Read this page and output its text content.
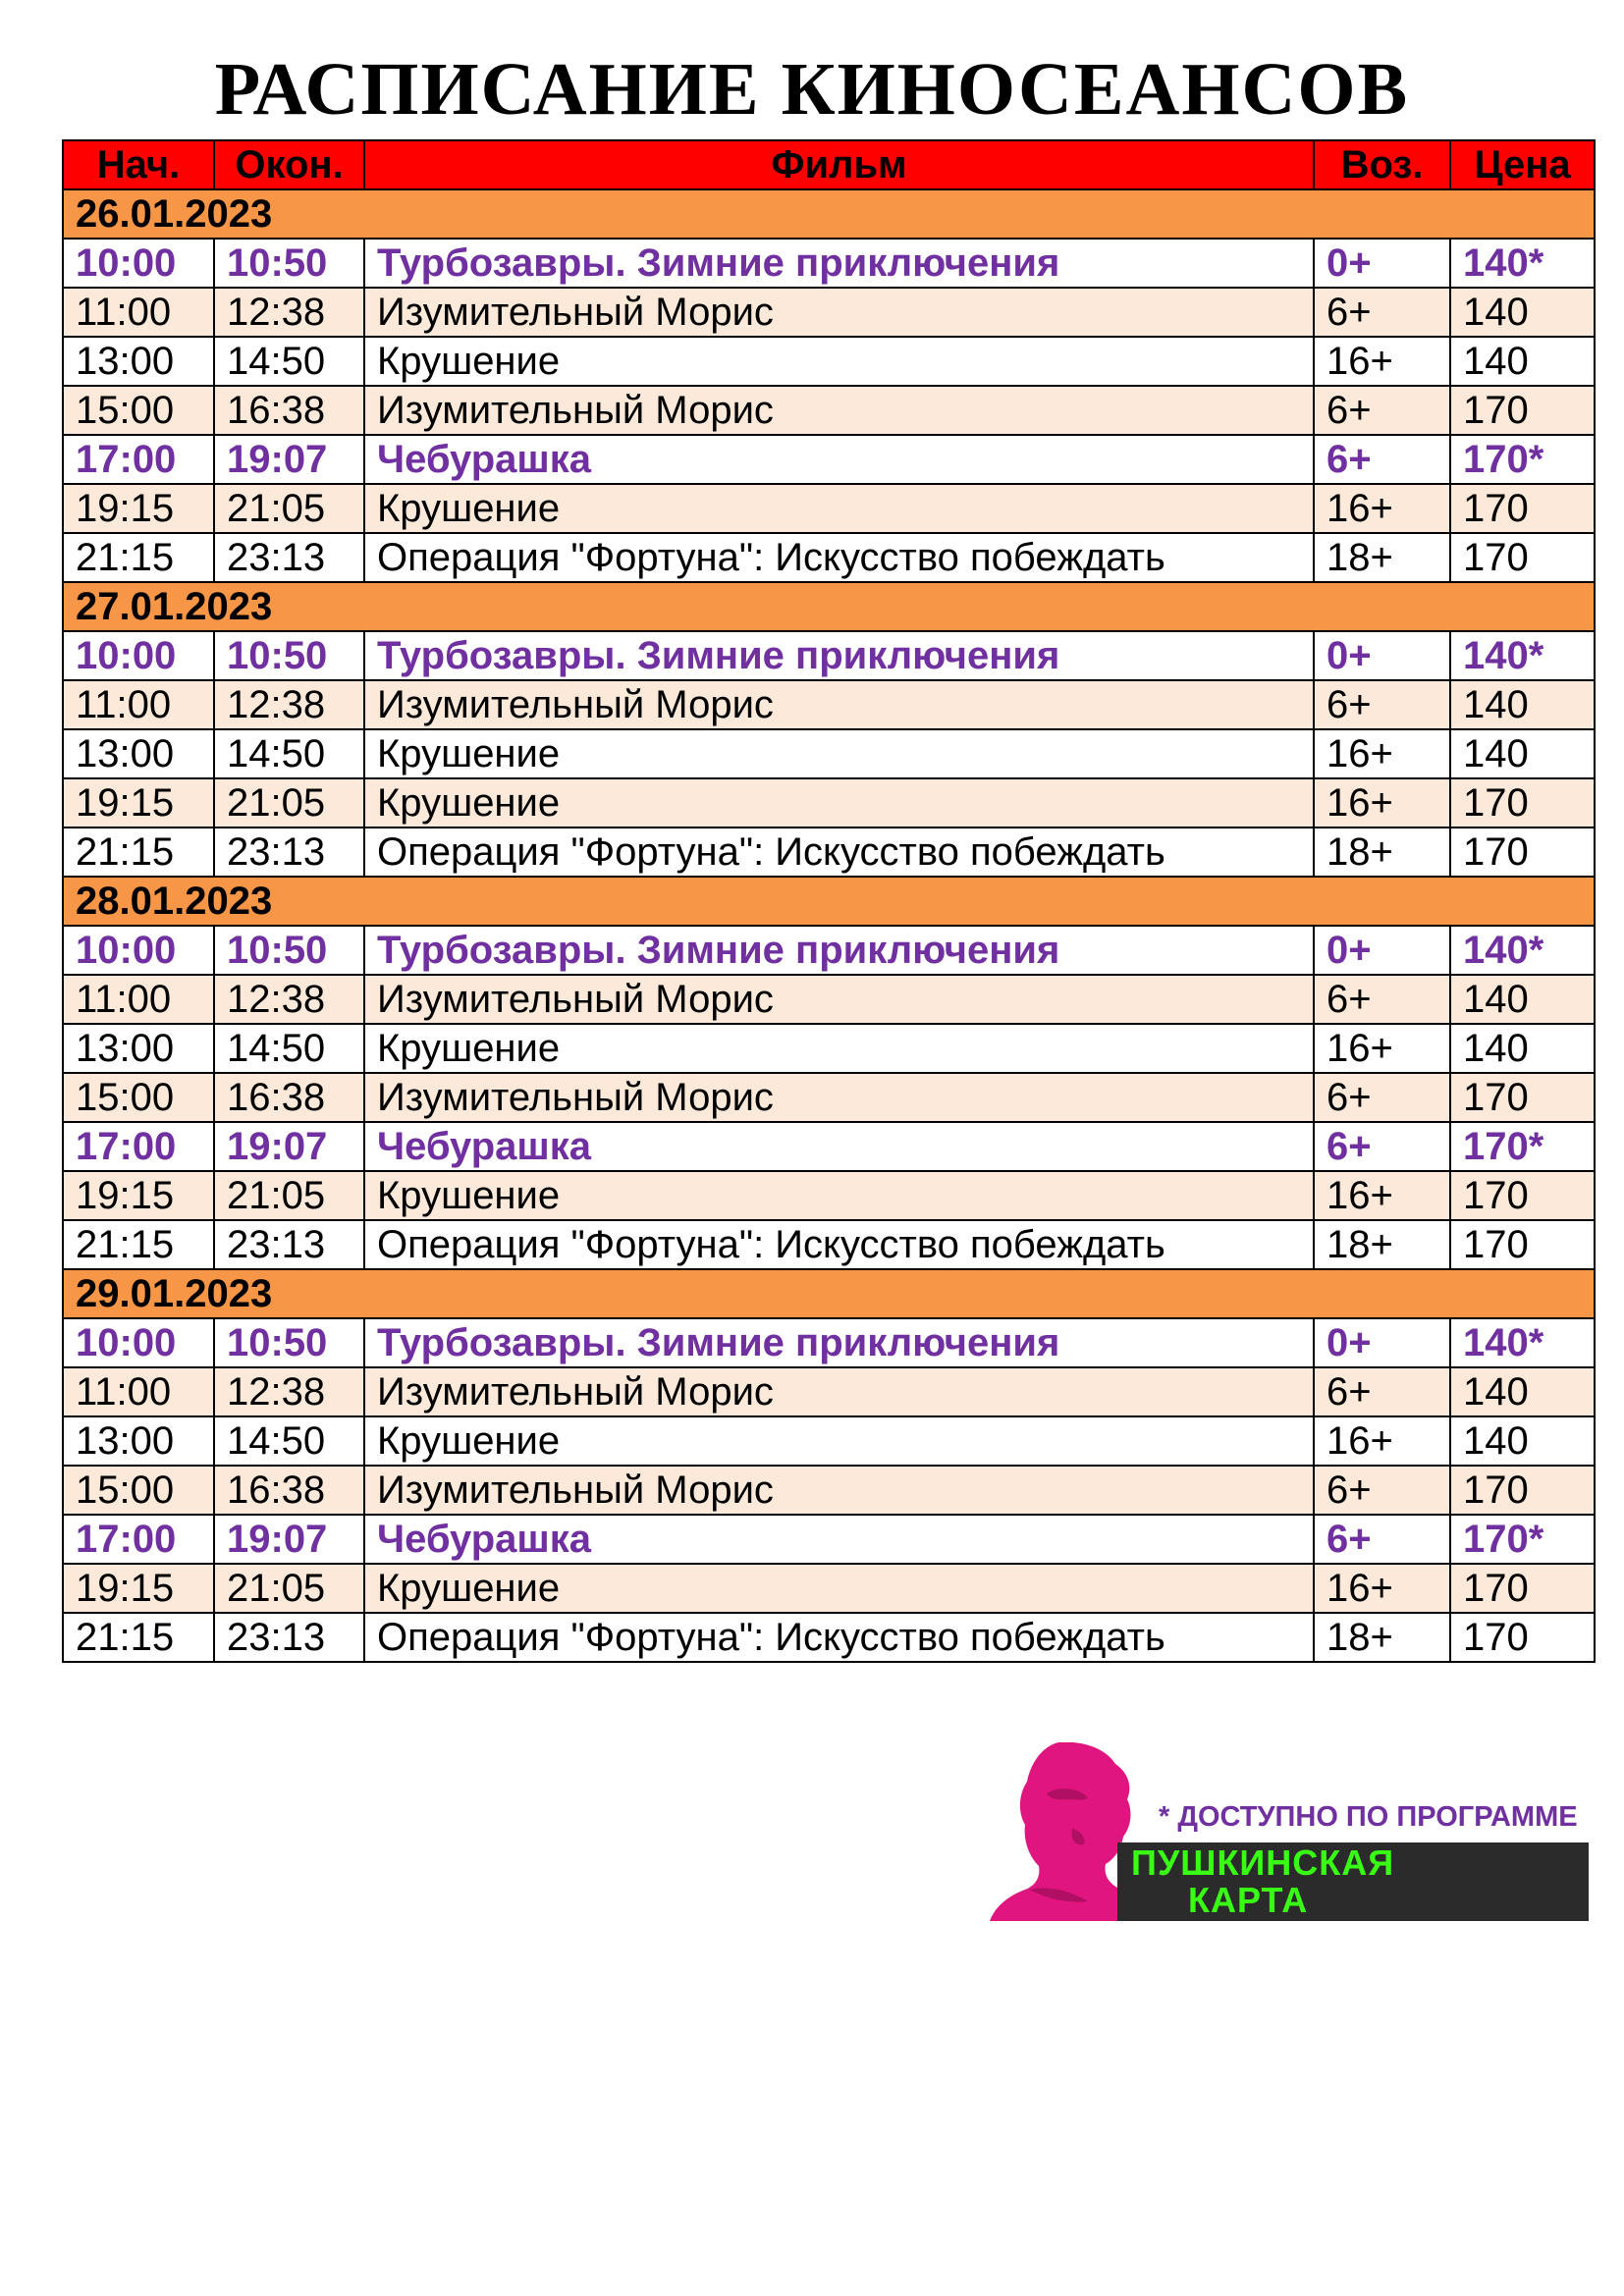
РАСПИСАНИЕ КИНОСЕАНСОВ
Нач.	Окон.	Фильм	Воз.	Цена
26.01.2023				
10:00	10:50	Турбозавры. Зимние приключения	0+	140*
11:00	12:38	Изумительный Морис	6+	140
13:00	14:50	Крушение	16+	140
15:00	16:38	Изумительный Морис	6+	170
17:00	19:07	Чебурашка	6+	170*
19:15	21:05	Крушение	16+	170
21:15	23:13	Операция "Фортуна": Искусство побеждать	18+	170
27.01.2023				
10:00	10:50	Турбозавры. Зимние приключения	0+	140*
11:00	12:38	Изумительный Морис	6+	140
13:00	14:50	Крушение	16+	140
19:15	21:05	Крушение	16+	170
21:15	23:13	Операция "Фортуна": Искусство побеждать	18+	170
28.01.2023				
10:00	10:50	Турбозавры. Зимние приключения	0+	140*
11:00	12:38	Изумительный Морис	6+	140
13:00	14:50	Крушение	16+	140
15:00	16:38	Изумительный Морис	6+	170
17:00	19:07	Чебурашка	6+	170*
19:15	21:05	Крушение	16+	170
21:15	23:13	Операция "Фортуна": Искусство побеждать	18+	170
29.01.2023				
10:00	10:50	Турбозавры. Зимние приключения	0+	140*
11:00	12:38	Изумительный Морис	6+	140
13:00	14:50	Крушение	16+	140
15:00	16:38	Изумительный Морис	6+	170
17:00	19:07	Чебурашка	6+	170*
19:15	21:05	Крушение	16+	170
21:15	23:13	Операция "Фортуна": Искусство побеждать	18+	170
* ДОСТУПНО ПО ПРОГРАММЕ
ПУШКИНСКАЯ
КАРТА
